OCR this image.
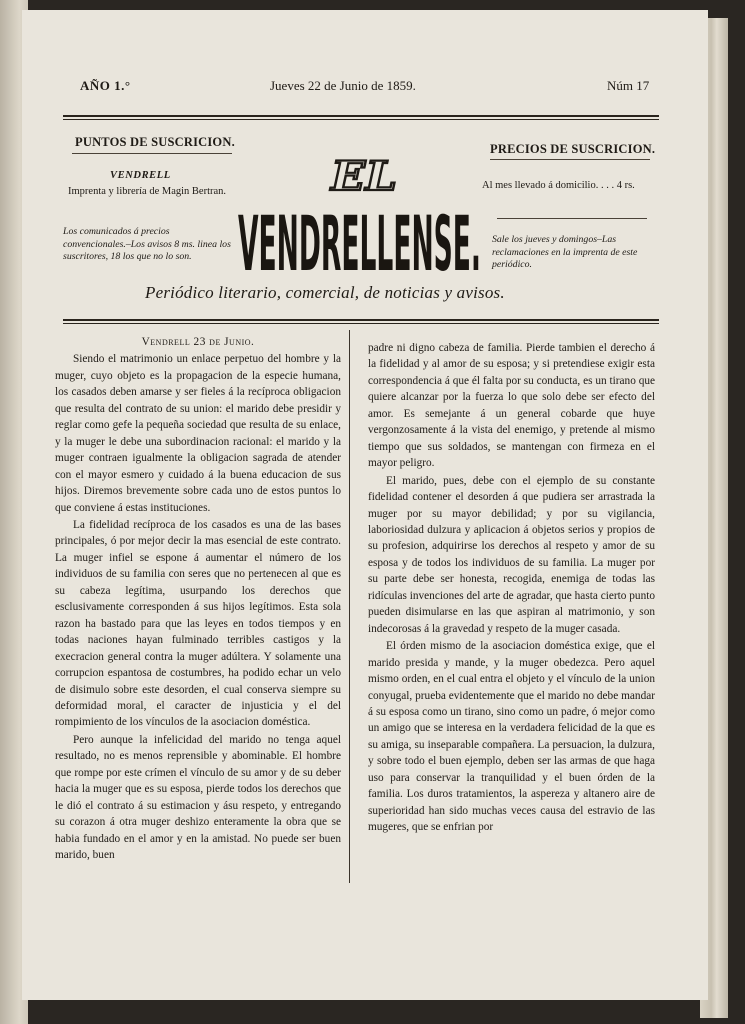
AÑO 1.°	Jueves 22 de Junio de 1859.	Núm 17
PUNTOS DE SUSCRICION.
VENDRELL
Imprenta y librería de Magin Bertran.
Los comunicados á precios convencionales.–Los avisos 8 ms. linea los suscritores, 18 los que no lo son.
PRECIOS DE SUSCRICION.
Al mes llevado á domicilio. . . . 4 rs.
Sale los jueves y domingos–Las reclamaciones en la imprenta de este periódico.
EL
VENDRELLENSE.
Periódico literario, comercial, de noticias y avisos.

Vendrell 23 de Junio.

Siendo el matrimonio un enlace perpetuo del hombre y la muger, cuyo objeto es la propagacion de la especie humana, los casados deben amarse y ser fieles á la recíproca obligacion que resulta del contrato de su union: el marido debe presidir y reglar como gefe la pequeña sociedad que resulta de su enlace, y la muger le debe una subordinacion racional: el marido y la muger contraen igualmente la obligacion sagrada de atender con el mayor esmero y cuidado á la buena educacion de sus hijos. Diremos brevemente sobre cada uno de estos puntos lo que conviene á estas instituciones.

La fidelidad recíproca de los casados es una de las bases principales, ó por mejor decir la mas esencial de este contrato. La muger infiel se espone á aumentar el número de los individuos de su familia con seres que no pertenecen al que es su cabeza legítima, usurpando los derechos que esclusivamente corresponden á sus hijos legítimos. Esta sola razon ha bastado para que las leyes en todos tiempos y en todas naciones hayan fulminado terribles castigos y la execracion general contra la muger adúltera. Y solamente una corrupcion espantosa de costumbres, ha podido echar un velo de disimulo sobre este desorden, el cual conserva siempre su deformidad moral, el caracter de injusticia y el del rompimiento de los vínculos de la asociacion doméstica.

Pero aunque la infelicidad del marido no tenga aquel resultado, no es menos reprensible y abominable. El hombre que rompe por este crímen el vínculo de su amor y de su deber hacia la muger que es su esposa, pierde todos los derechos que le dió el contrato á su estimacion y ásu respeto, y entregando su corazon á otra muger deshizo enteramente la obra que se habia fundado en el amor y en la amistad. No puede ser buen marido, buen

padre ni digno cabeza de familia. Pierde tambien el derecho á la fidelidad y al amor de su esposa; y si pretendiese exigir esta correspondencia á que él falta por su conducta, es un tirano que quiere alcanzar por la fuerza lo que solo debe ser efecto del amor. Es semejante á un general cobarde que huye vergonzosamente á la vista del enemigo, y pretende al mismo tiempo que sus soldados, se mantengan con firmeza en el mayor peligro.

El marido, pues, debe con el ejemplo de su constante fidelidad contener el desorden á que pudiera ser arrastrada la muger por su mayor debilidad; y por su vigilancia, laboriosidad dulzura y aplicacion á objetos serios y propios de su profesion, adquirirse los derechos al respeto y amor de su esposa y de todos los individuos de su familia. La muger por su parte debe ser honesta, recogida, enemiga de todas las ridículas invenciones del arte de agradar, que hasta cierto punto pueden disimularse en las que aspiran al matrimonio, y son indecorosas á la gravedad y respeto de la muger casada.

El órden mismo de la asociacion doméstica exige, que el marido presida y mande, y la muger obedezca. Pero aquel mismo orden, en el cual entra el objeto y el vínculo de la union conyugal, prueba evidentemente que el marido no debe mandar á su esposa como un tirano, sino como un padre, ó mejor como un amigo que se interesa en la verdadera felicidad de la que es su amiga, su inseparable compañera. La persuacion, la dulzura, y sobre todo el buen ejemplo, deben ser las armas de que haga uso para conservar la tranquilidad y el buen órden de la familia. Los duros tratamientos, la aspereza y altanero aire de superioridad han sido muchas veces causa del estravio de las mugeres, que se enfrian por
